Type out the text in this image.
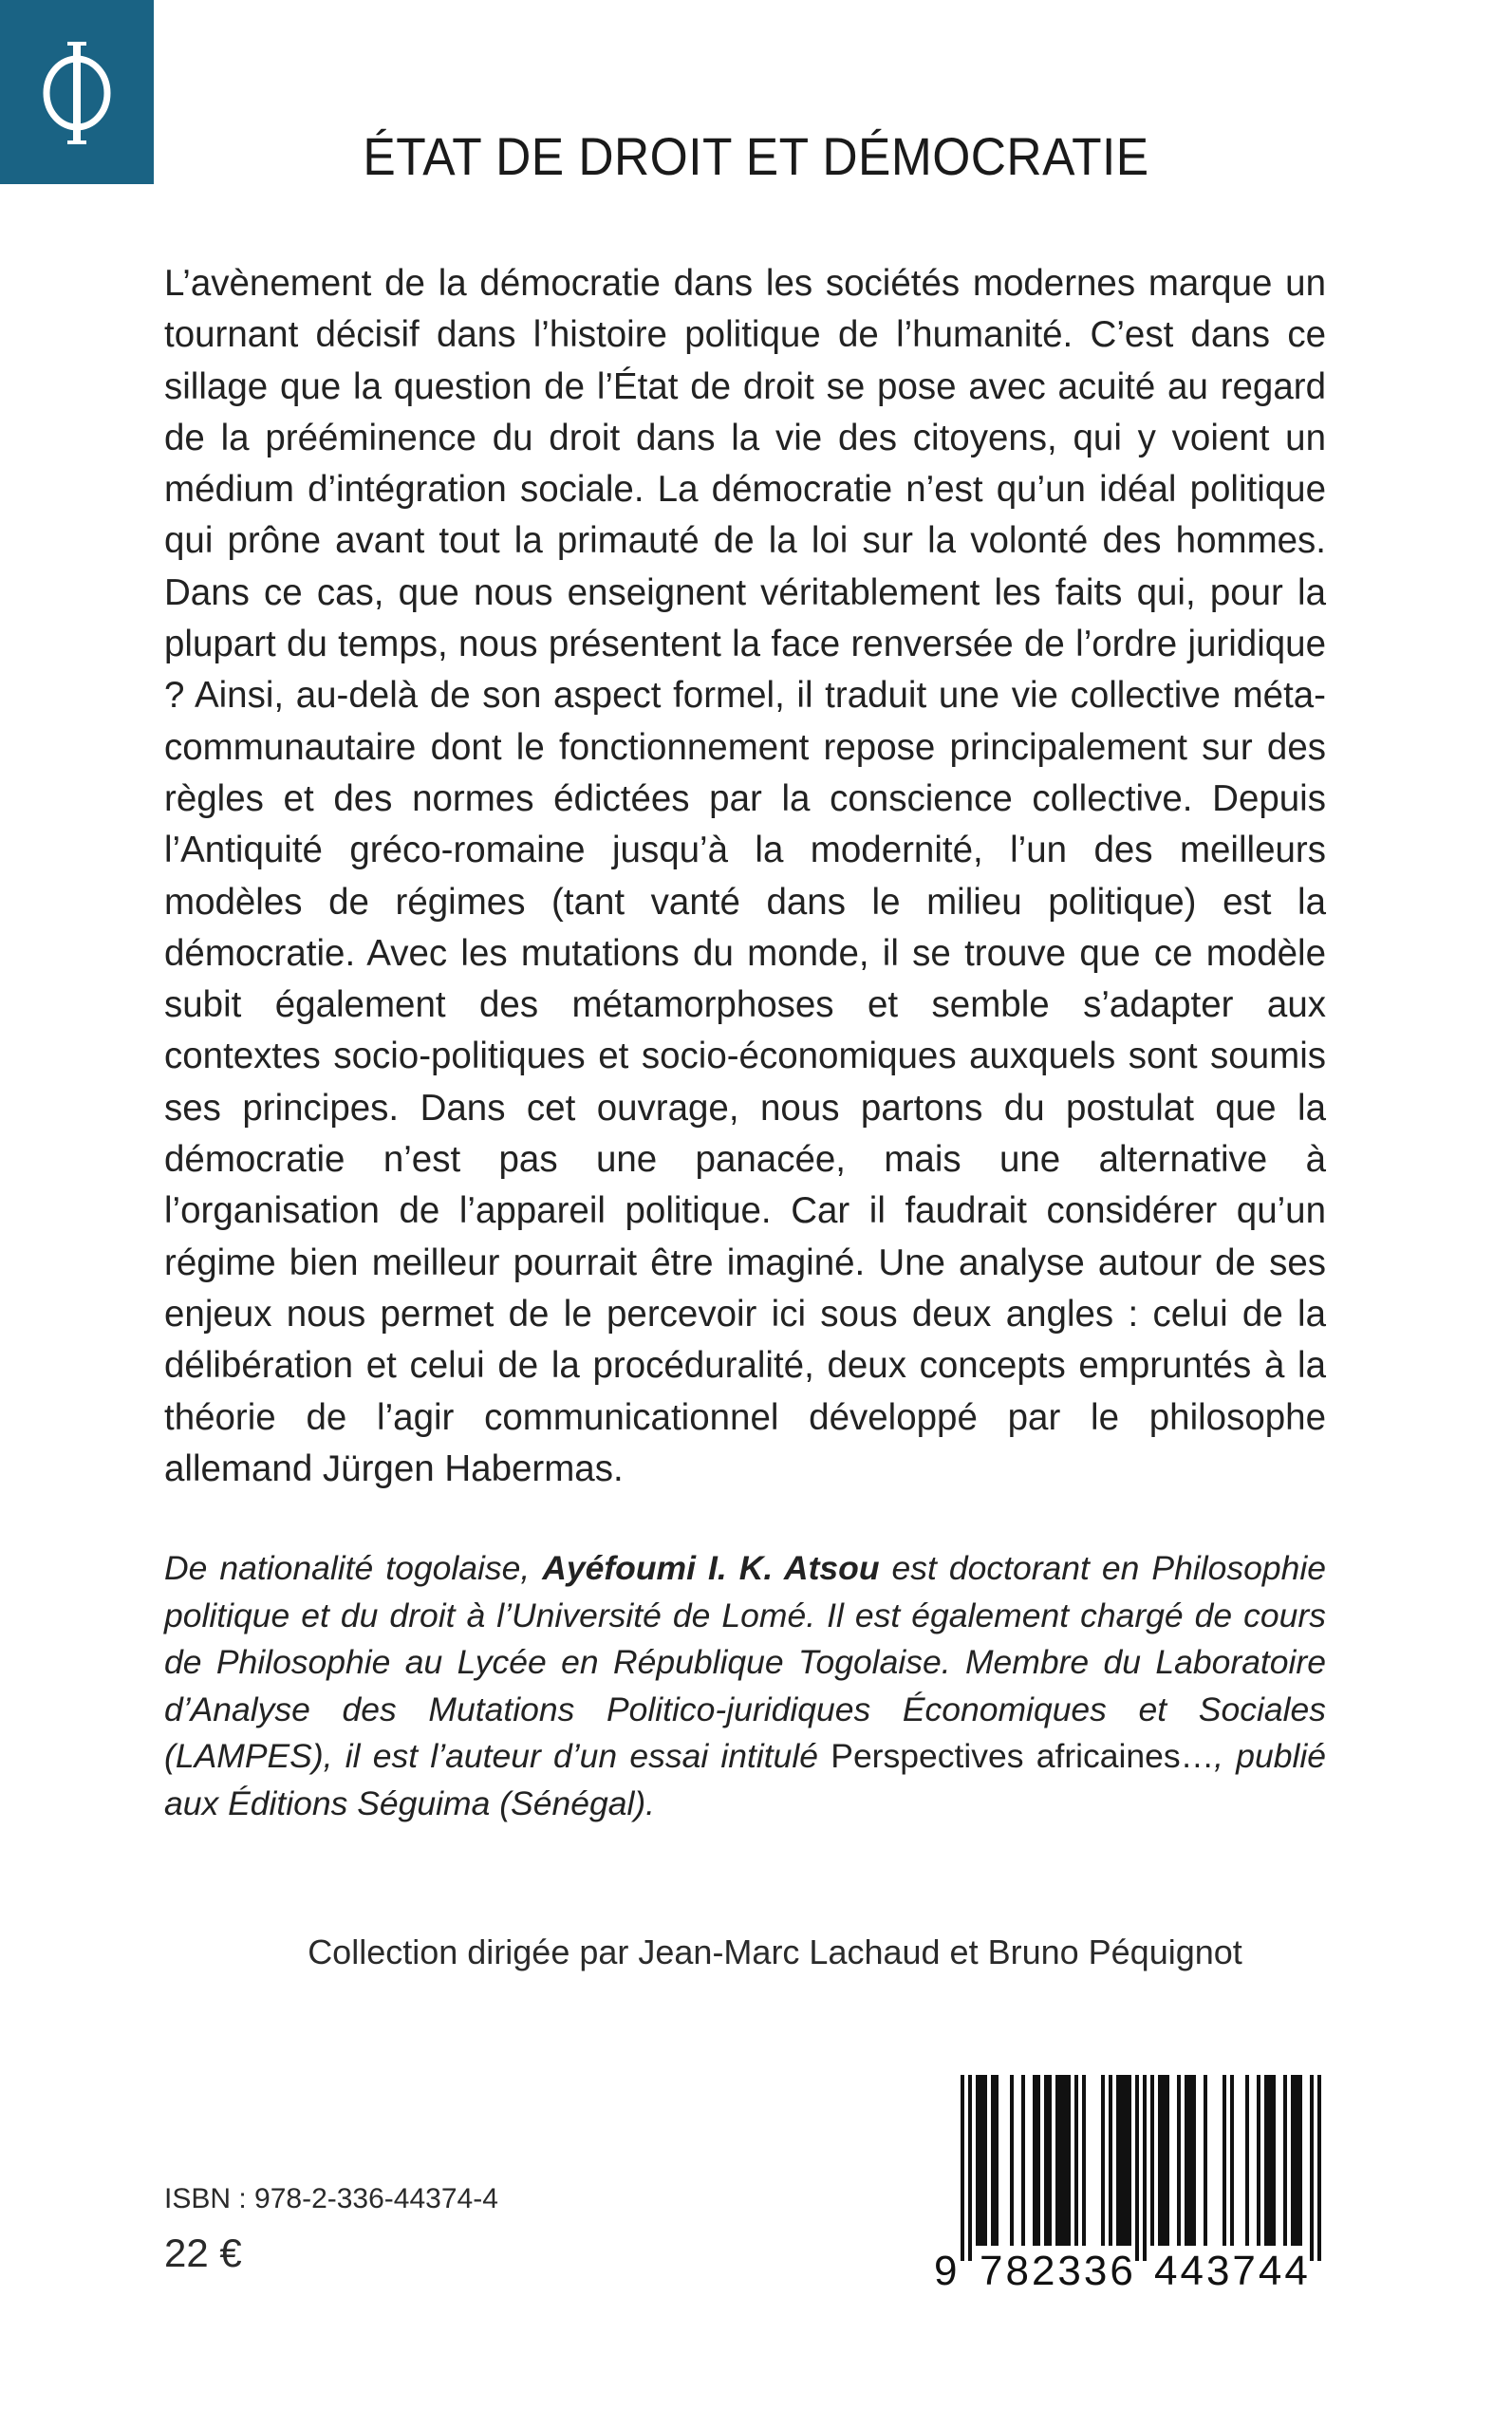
ÉTAT DE DROIT ET DÉMOCRATIE

L’avènement de la démocratie dans les sociétés modernes marque un tournant décisif dans l’histoire politique de l’humanité. C’est dans ce sillage que la question de l’État de droit se pose avec acuité au regard de la prééminence du droit dans la vie des citoyens, qui y voient un médium d’intégration sociale. La démocratie n’est qu’un idéal politique qui prône avant tout la primauté de la loi sur la volonté des hommes. Dans ce cas, que nous enseignent véritablement les faits qui, pour la plupart du temps, nous présentent la face renversée de l’ordre juridique ? Ainsi, au-delà de son aspect formel, il traduit une vie collective méta-communautaire dont le fonctionnement repose principalement sur des règles et des normes édictées par la conscience collective. Depuis l’Antiquité gréco-romaine jusqu’à la modernité, l’un des meilleurs modèles de régimes (tant vanté dans le milieu politique) est la démocratie. Avec les mutations du monde, il se trouve que ce modèle subit également des métamorphoses et semble s’adapter aux contextes socio-politiques et socio-économiques auxquels sont soumis ses principes. Dans cet ouvrage, nous partons du postulat que la démocratie n’est pas une panacée, mais une alternative à l’organisation de l’appareil politique. Car il faudrait considérer qu’un régime bien meilleur pourrait être imaginé. Une analyse autour de ses enjeux nous permet de le percevoir ici sous deux angles : celui de la délibération et celui de la procéduralité, deux concepts empruntés à la théorie de l’agir communicationnel développé par le philosophe allemand Jürgen Habermas.

De nationalité togolaise, Ayéfoumi I. K. Atsou est doctorant en Philosophie politique et du droit à l’Université de Lomé. Il est également chargé de cours de Philosophie au Lycée en République Togolaise. Membre du Laboratoire d’Analyse des Mutations Politico-juridiques Économiques et Sociales (LAMPES), il est l’auteur d’un essai intitulé Perspectives africaines…, publié aux Éditions Séguima (Sénégal).

Collection dirigée par Jean-Marc Lachaud et Bruno Péquignot
ISBN : 978-2-336-44374-4
22 €	9 782336 443744
